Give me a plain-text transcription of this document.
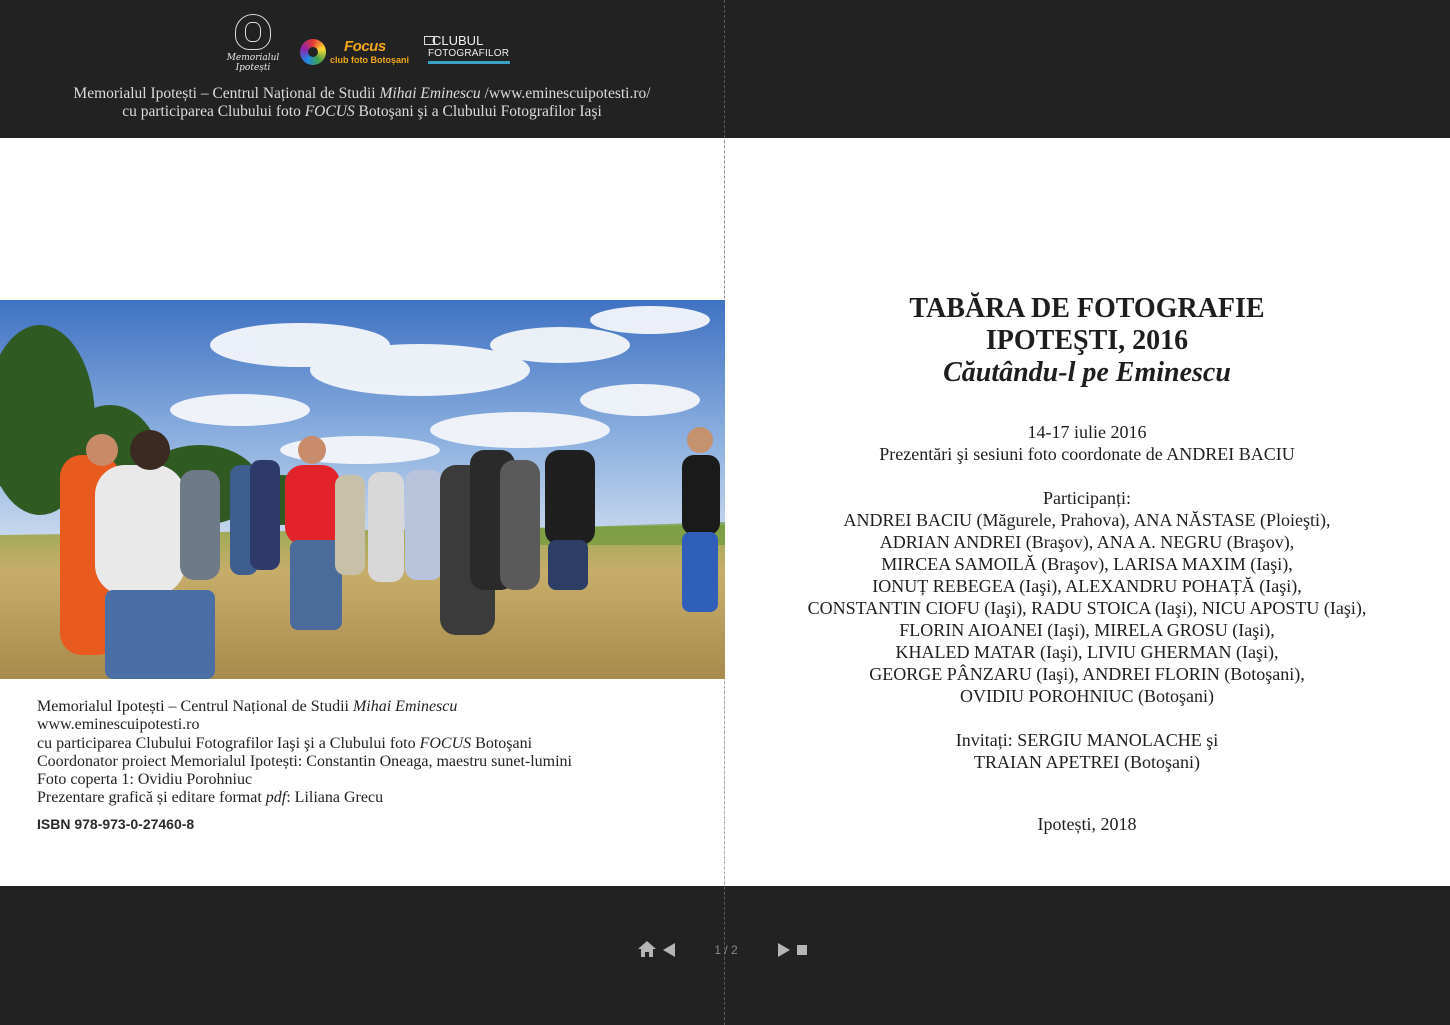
Memorialul
Ipotești
Focus
club foto Botoșani
CLUBUL
FOTOGRAFILOR
Memorialul Ipotești – Centrul Național de Studii Mihai Eminescu /www.eminescuipotesti.ro/
cu participarea Clubului foto FOCUS Botoşani şi a Clubului Fotografilor Iaşi
Memorialul Ipotești – Centrul Național de Studii Mihai Eminescu
www.eminescuipotesti.ro
cu participarea Clubului Fotografilor Iaşi şi a Clubului foto FOCUS Botoşani
Coordonator proiect Memorialul Ipotești: Constantin Oneaga, maestru sunet-lumini
Foto coperta 1: Ovidiu Porohniuc
Prezentare grafică și editare format pdf: Liliana Grecu
ISBN 978-973-0-27460-8
TABĂRA DE FOTOGRAFIE
IPOTEŞTI, 2016
Căutându-l pe Eminescu
14-17 iulie 2016
Prezentări şi sesiuni foto coordonate de ANDREI BACIU
Participanți:
ANDREI BACIU (Măgurele, Prahova), ANA NĂSTASE (Ploieşti),
ADRIAN ANDREI (Braşov), ANA A. NEGRU (Braşov),
MIRCEA SAMOILĂ (Braşov), LARISA MAXIM (Iaşi),
IONUȚ REBEGEA (Iaşi), ALEXANDRU POHAȚĂ (Iaşi),
CONSTANTIN CIOFU (Iaşi), RADU STOICA (Iaşi), NICU APOSTU (Iaşi),
FLORIN AIOANEI (Iaşi), MIRELA GROSU (Iaşi),
KHALED MATAR (Iaşi), LIVIU GHERMAN (Iaşi),
GEORGE PÂNZARU (Iaşi), ANDREI FLORIN (Botoşani),
OVIDIU POROHNIUC (Botoşani)
Invitați: SERGIU MANOLACHE şi
TRAIAN APETREI (Botoşani)
Ipotești, 2018
1 / 2
